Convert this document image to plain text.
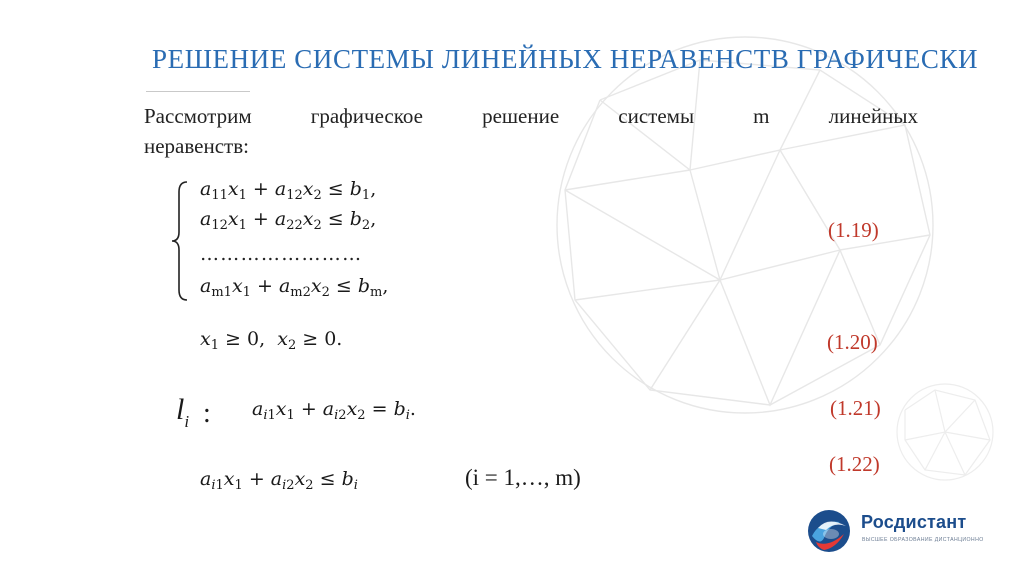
РЕШЕНИЕ СИСТЕМЫ ЛИНЕЙНЫХ НЕРАВЕНСТВ ГРАФИЧЕСКИ
Рассмотрим графическое решение системы m линейных
неравенств:
$a_{11}x_1 + a_{12}x_2 \le b_1$,
$a_{12}x_1 + a_{22}x_2 \le b_2$,
……………………
$a_{m1}x_1 + a_{m2}x_2 \le b_m$,
(1.19)
$x_1 \ge 0$,  $x_2 \ge 0$.	(1.20)
$l_i$ : $a_{i1}x_1 + a_{i2}x_2 = b_i$.	(1.21)
$a_{i1}x_1 + a_{i2}x_2 \le b_i$	(i = 1,…, m)
(1.22)
Росдистант
ВЫСШЕЕ ОБРАЗОВАНИЕ ДИСТАНЦИОННО
